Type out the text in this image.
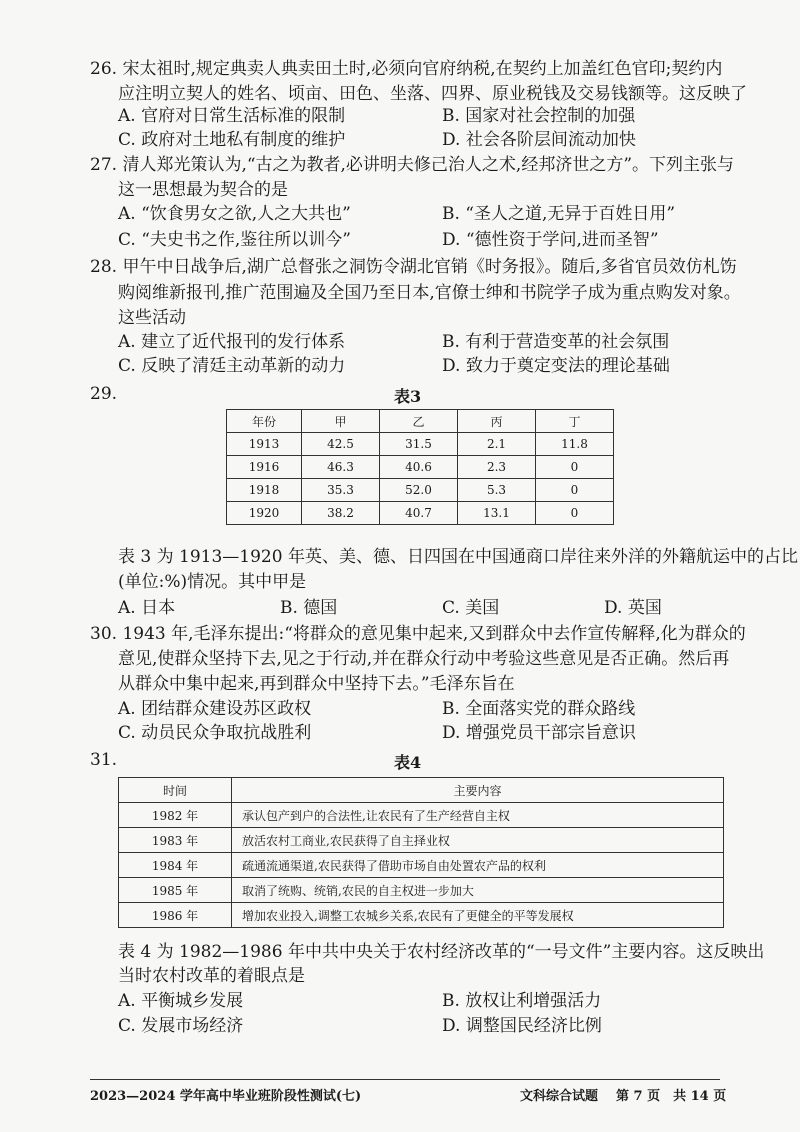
26. 宋太祖时,规定典卖人典卖田土时,必须向官府纳税,在契约上加盖红色官印;契约内
应注明立契人的姓名、顷亩、田色、坐落、四界、原业税钱及交易钱额等。这反映了
A. 官府对日常生活标准的限制	B. 国家对社会控制的加强
C. 政府对土地私有制度的维护	D. 社会各阶层间流动加快
27. 清人郑光策认为,“古之为教者,必讲明夫修己治人之术,经邦济世之方”。下列主张与
这一思想最为契合的是
A. “饮食男女之欲,人之大共也”	B. “圣人之道,无异于百姓日用”
C. “夫史书之作,鉴往所以训今”	D. “德性资于学问,进而圣智”
28. 甲午中日战争后,湖广总督张之洞饬令湖北官销《时务报》。随后,多省官员效仿札饬
购阅维新报刊,推广范围遍及全国乃至日本,官僚士绅和书院学子成为重点购发对象。
这些活动
A. 建立了近代报刊的发行体系	B. 有利于营造变革的社会氛围
C. 反映了清廷主动革新的动力	D. 致力于奠定变法的理论基础
29.	表3
年份	甲	乙	丙	丁
1913	42.5	31.5	2.1	11.8
1916	46.3	40.6	2.3	0
1918	35.3	52.0	5.3	0
1920	38.2	40.7	13.1	0
表 3 为 1913—1920 年英、美、德、日四国在中国通商口岸往来外洋的外籍航运中的占比
(单位:%)情况。其中甲是
A. 日本	B. 德国	C. 美国	D. 英国
30. 1943 年,毛泽东提出:“将群众的意见集中起来,又到群众中去作宣传解释,化为群众的
意见,使群众坚持下去,见之于行动,并在群众行动中考验这些意见是否正确。然后再
从群众中集中起来,再到群众中坚持下去。”毛泽东旨在
A. 团结群众建设苏区政权	B. 全面落实党的群众路线
C. 动员民众争取抗战胜利	D. 增强党员干部宗旨意识
31.	表4
时间	主要内容
1982 年	承认包产到户的合法性,让农民有了生产经营自主权
1983 年	放活农村工商业,农民获得了自主择业权
1984 年	疏通流通渠道,农民获得了借助市场自由处置农产品的权利
1985 年	取消了统购、统销,农民的自主权进一步加大
1986 年	增加农业投入,调整工农城乡关系,农民有了更健全的平等发展权
表 4 为 1982—1986 年中共中央关于农村经济改革的“一号文件”主要内容。这反映出
当时农村改革的着眼点是
A. 平衡城乡发展	B. 放权让利增强活力
C. 发展市场经济	D. 调整国民经济比例
2023—2024 学年高中毕业班阶段性测试(七)	文科综合试题 第 7 页　共 14 页
